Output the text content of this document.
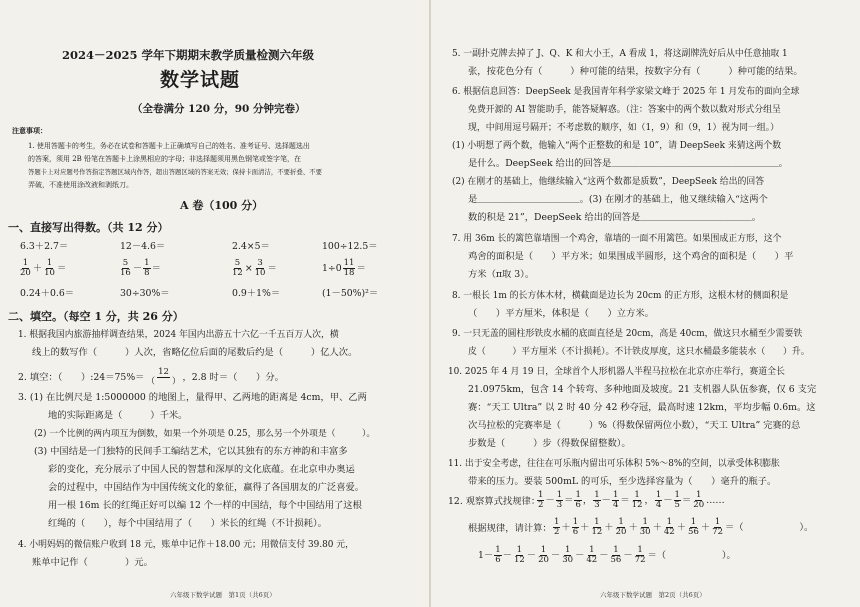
2024－2025 学年下期期末教学质量检测六年级
数学试题
（全卷满分 120 分，90 分钟完卷）
注意事项：
1. 使用答题卡的考生，务必在试卷和答题卡上正确填写自己的姓名、准考证号、选择题选出
的答案，须用 2B 铅笔在答题卡上涂黑相应的字母；非选择题须用黑色钢笔或签字笔，在
答题卡上对应题号作答指定答题区域内作答，超出答题区域的答案无效；保持卡面清洁，不要折叠、不要
弄破，不准使用涂改液和剥纸刀。
A 卷（100 分）
一、直接写出得数。（共 12 分）
6.3＋2.7＝	12－4.6＝	2.4×5＝	100÷12.5＝
$\frac{1}{20} + \frac{1}{10}$ ＝	$\frac{5}{16} - \frac{1}{8}$ ＝	$\frac{5}{12} \times \frac{3}{10}$ ＝	$1\div 0 \frac{11}{18}$ ＝
0.24＋0.6＝	30÷30%＝	0.9＋1%＝	(1－50%)²＝
二、填空。（每空 1 分，共 26 分）
1. 根据我国内旅游抽样调查结果，2024 年国内出游五十六亿一千五百万人次，横
线上的数写作（　　　）人次，省略亿位后面的尾数后约是（　　　）亿人次。
2. 填空：（　　）:24＝75%＝ $\frac{12}{( )}$ ，2.8 时＝（　　）分。
3. (1) 在比例尺是 1:5000000 的地图上，量得甲、乙两地的距离是 4cm，甲、乙两
地的实际距离是（　　　）千米。
(2) 一个比例的两内项互为倒数，如果一个外项是 0.25，那么另一个外项是（　　　）。
(3) 中国结是一门独特的民间手工编结艺术，它以其独有的东方神韵和丰富多
彩的变化，充分展示了中国人民的智慧和深厚的文化底蕴。在北京申办奥运
会的过程中，中国结作为中国传统文化的象征，赢得了各国朋友的广泛喜爱。
用一根 16m 长的红绳正好可以编 12 个一样的中国结，每个中国结用了这根
红绳的（　　），每个中国结用了（　　）米长的红绳（不计损耗）。
4. 小明妈妈的微信账户收到 18 元，账单中记作＋18.00 元；用微信支付 39.80 元，
账单中记作（　　　　）元。
六年级下数学试题　第1页（共6页）
5. 一副扑克牌去掉了 J、Q、K 和大小王，A 看成 1，将这副牌洗好后从中任意抽取 1
张，按花色分有（　　　）种可能的结果，按数字分有（　　　）种可能的结果。
6. 根据信息回答：DeepSeek 是我国青年科学家梁文峰于 2025 年 1 月发布的面向全球
免费开源的 AI 智能助手，能答疑解惑。（注：答案中的两个数以数对形式分组呈
现，中间用逗号隔开；不考虑数的顺序，如（1，9）和（9，1）视为同一组。）
(1) 小明想了两个数，他输入“两个正整数的和是 10”，请 DeepSeek 来猜这两个数
是什么。DeepSeek 给出的回答是＿＿＿＿＿＿＿＿＿＿＿＿＿＿＿＿＿＿。
(2) 在刚才的基础上，他继续输入“这两个数都是质数”，DeepSeek 给出的回答
是＿＿＿＿＿＿＿＿＿＿＿。(3) 在刚才的基础上，他又继续输入“这两个
数的积是 21”，DeepSeek 给出的回答是＿＿＿＿＿＿＿＿＿＿＿＿。
7. 用 36m 长的篱笆靠墙围一个鸡舍，靠墙的一面不用篱笆。如果围成正方形，这个
鸡舍的面积是（　　）平方米；如果围成半圆形，这个鸡舍的面积是（　　）平
方米（π取 3）。
8. 一根长 1m 的长方体木材，横截面是边长为 20cm 的正方形，这根木材的侧面积是
（　　）平方厘米，体积是（　　）立方米。
9. 一只无盖的圆柱形铁皮水桶的底面直径是 20cm，高是 40cm，做这只水桶至少需要铁
皮（　　　）平方厘米（不计损耗）。不计铁皮厚度，这只水桶最多能装水（　　）升。
10. 2025 年 4 月 19 日，全球首个人形机器人半程马拉松在北京亦庄举行，赛道全长
21.0975km，包含 14 个转弯、多种地面及坡度。21 支机器人队伍参赛，仅 6 支完
赛：“天工 Ultra” 以 2 时 40 分 42 秒夺冠，最高时速 12km，平均步幅 0.6m。这
次马拉松的完赛率是（　　　）%（得数保留两位小数），“天工 Ultra” 完赛的总
步数是（　　　）步（得数保留整数）。
11. 出于安全考虑，往往在可乐瓶内留出可乐体积 5%～8%的空间，以承受体积膨胀
带来的压力。要装 500mL 的可乐，至少选择容量为（　　）毫升的瓶子。
12. 观察算式找规律：
$\frac{1}{2} - \frac{1}{3} = \frac{1}{6}$ ， $\frac{1}{3} - \frac{1}{4} = \frac{1}{12}$ ， $\frac{1}{4} - \frac{1}{5} = \frac{1}{20}$ ……
根据规律，请计算： $\frac{1}{2} + \frac{1}{6} + \frac{1}{12} + \frac{1}{20} + \frac{1}{30} + \frac{1}{42} + \frac{1}{56} + \frac{1}{72}$ ＝（　　　　　　）。
$1- \frac{1}{6} - \frac{1}{12} - \frac{1}{20} - \frac{1}{30} - \frac{1}{42} - \frac{1}{56} - \frac{1}{72}$ ＝（　　　　　　）。
六年级下数学试题　第2页（共6页）
